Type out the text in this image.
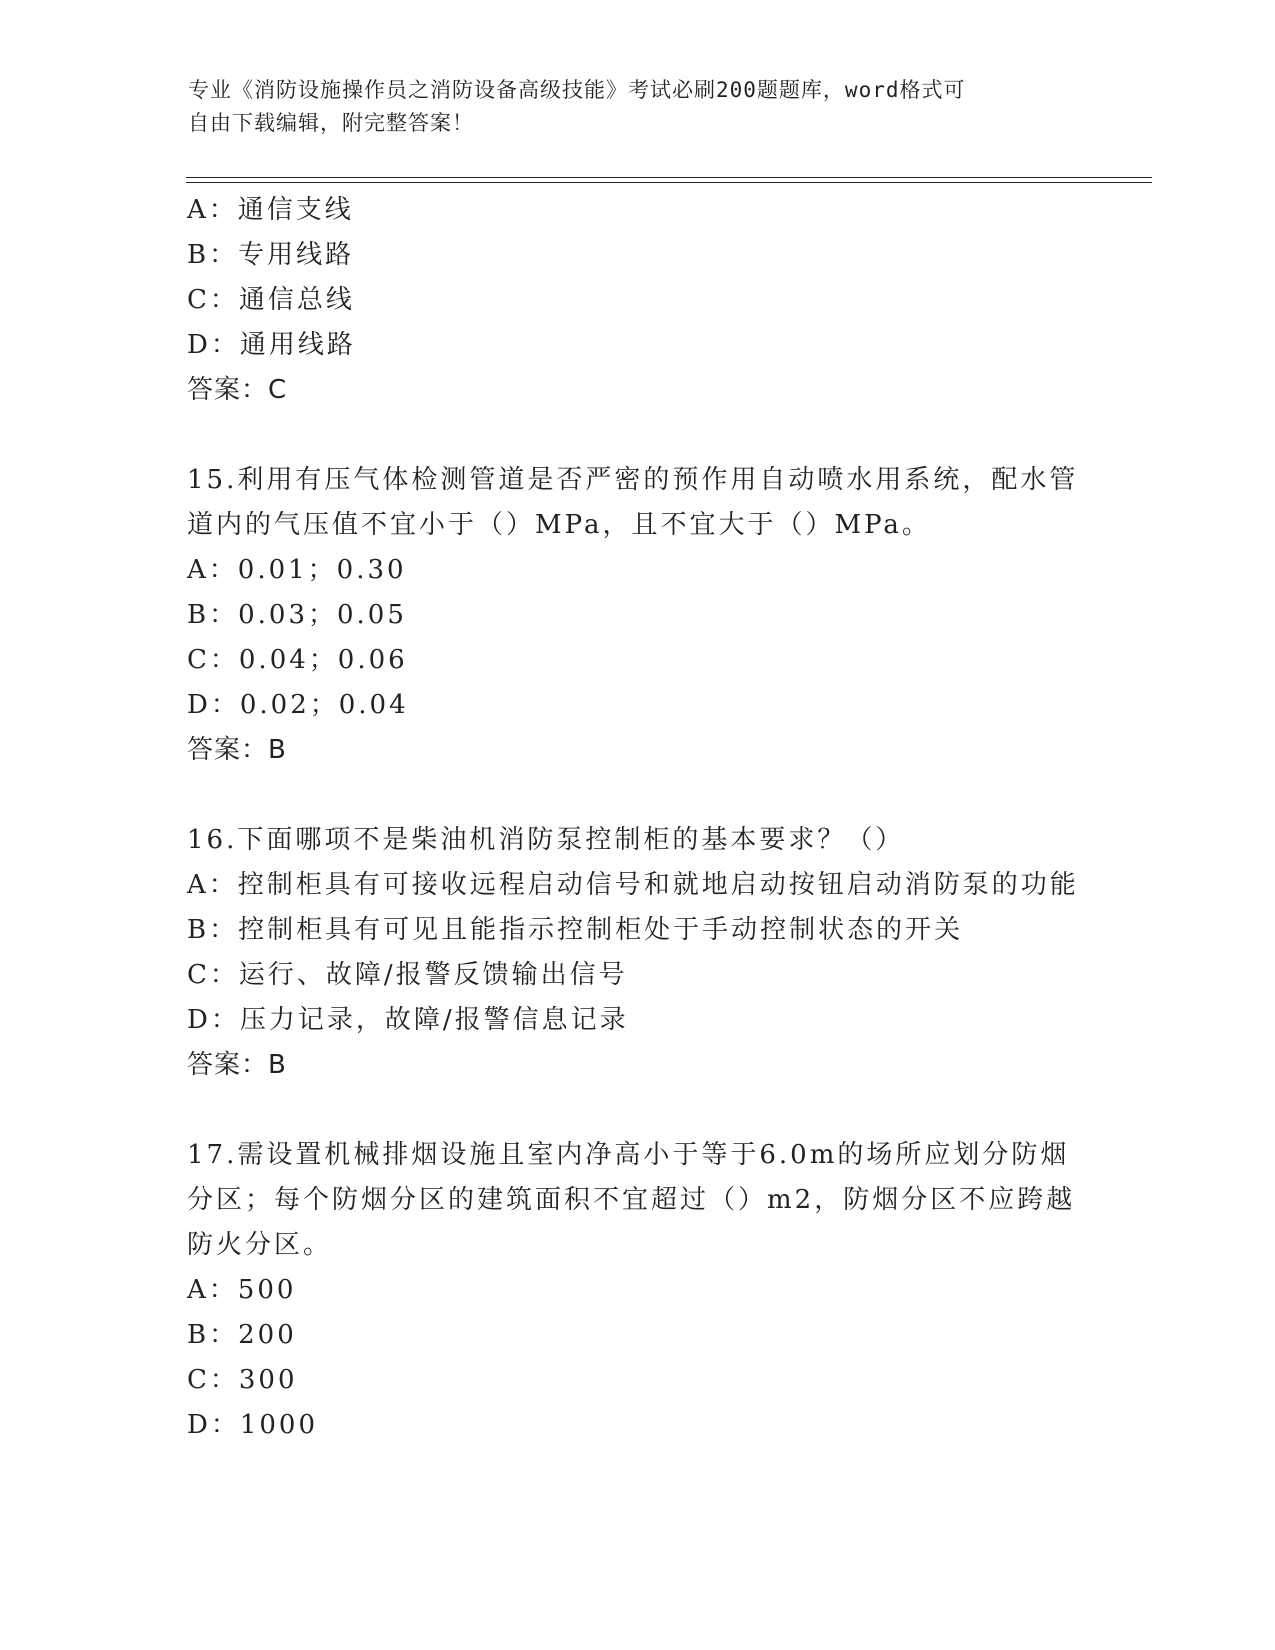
专业《消防设施操作员之消防设备高级技能》考试必刷200题题库，word格式可
自由下载编辑，附完整答案！
A：通信支线
B：专用线路
C：通信总线
D：通用线路
答案：C
15.利用有压气体检测管道是否严密的预作用自动喷水用系统，配水管
道内的气压值不宜小于（）MPa，且不宜大于（）MPa。
A：0.01；0.30
B：0.03；0.05
C：0.04；0.06
D：0.02；0.04
答案：B
16.下面哪项不是柴油机消防泵控制柜的基本要求？（）
A：控制柜具有可接收远程启动信号和就地启动按钮启动消防泵的功能
B：控制柜具有可见且能指示控制柜处于手动控制状态的开关
C：运行、故障/报警反馈输出信号
D：压力记录，故障/报警信息记录
答案：B
17.需设置机械排烟设施且室内净高小于等于6.0m的场所应划分防烟
分区；每个防烟分区的建筑面积不宜超过（）m2，防烟分区不应跨越
防火分区。
A：500
B：200
C：300
D：1000
